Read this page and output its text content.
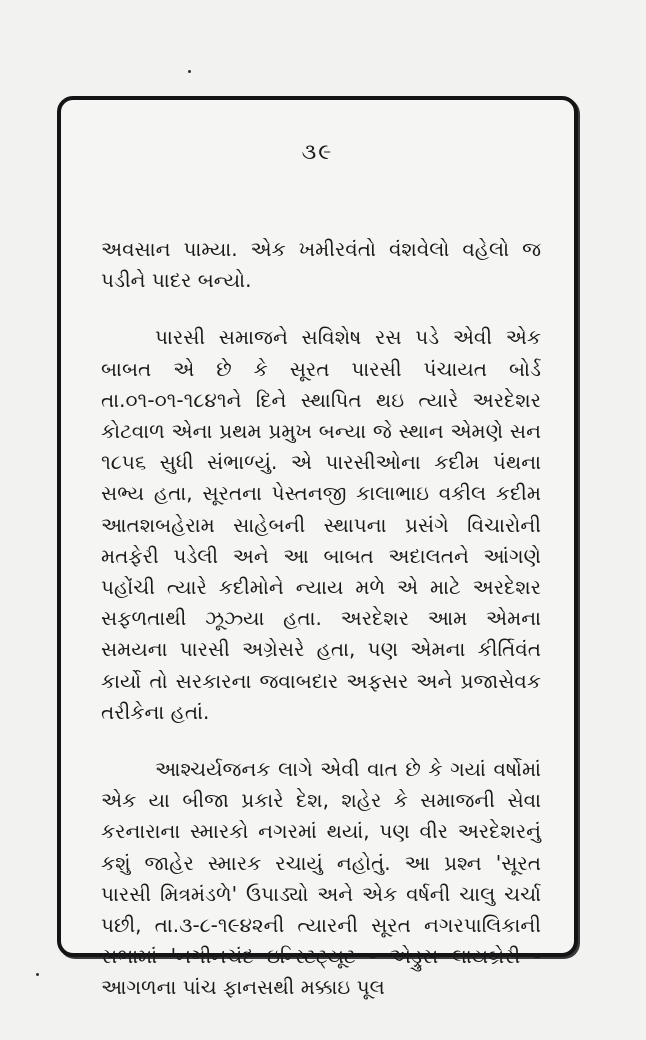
૩૯

અવસાન પામ્યા. એક ખમીરવંતો વંશવેલો વહેલો જ પડીને પાદર બન્યો.

પારસી સમાજને સવિશેષ રસ પડે એવી એક બાબત એ છે કે સૂરત પારસી પંચાયત બોર્ડ તા.૦૧-૦૧-૧૮૪૧ને દિને સ્થાપિત થઇ ત્યારે અરદેશર કોટવાળ એના પ્રથમ પ્રમુખ બન્યા જે સ્થાન એમણે સન ૧૮૫૬ સુધી સંભાળ્યું. એ પારસીઓના કદીમ પંથના સભ્ય હતા, સૂરતના પેસ્તનજી કાલાભાઇ વકીલ કદીમ આતશબહેરામ સાહેબની સ્થાપના પ્રસંગે વિચારોની મતફેરી પડેલી અને આ બાબત અદાલતને આંગણે પહોંચી ત્યારે કદીમોને ન્યાય મળે એ માટે અરદેશર સફળતાથી ઝૂઝ્યા હતા. અરદેશર આમ એમના સમયના પારસી અગ્રેસરે હતા, પણ એમના કીર્તિવંત કાર્યો તો સરકારના જવાબદાર અફસર અને પ્રજાસેવક તરીકેના હતાં.

આશ્ચર્યજનક લાગે એવી વાત છે કે ગયાં વર્ષોમાં એક યા બીજા પ્રકારે દેશ, શહેર કે સમાજની સેવા કરનારાના સ્મારકો નગરમાં થયાં, પણ વીર અરદેશરનું કશું જાહેર સ્મારક રચાયું નહોતું. આ પ્રશ્ન 'સૂરત પારસી મિત્રમંડળે' ઉપાડ્યો અને એક વર્ષની ચાલુ ચર્ચા પછી, તા.૩-૮-૧૯૪૨ની ત્યારની સૂરત નગરપાલિકાની સભામાં 'નગીનચંદ ઇન્સ્ટિટ્યૂટ - એડ્રુસ લાયબ્રેરી - આગળના પાંચ ફાનસથી મક્કાઇ પૂલ
